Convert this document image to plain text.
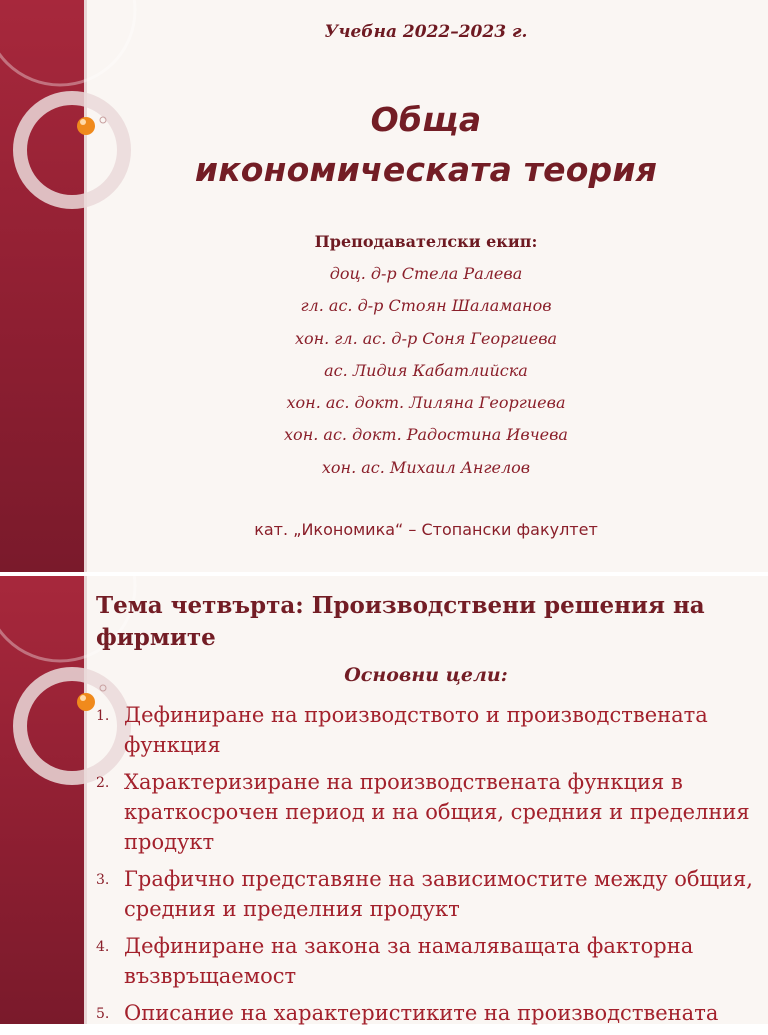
Учебна 2022–2023 г.
Обща
икономическата теория
Преподавателски екип:
доц. д-р Стела Ралева
гл. ас. д-р Стоян Шаламанов
хон. гл. ас. д-р Соня Георгиева
ас. Лидия Кабатлийска
хон. ас. докт. Лиляна Георгиева
хон. ас. докт. Радостина Ивчева
хон. ас. Михаил Ангелов
кат. „Икономика“ – Стопански факултет
Тема четвърта: Производствени решения на фирмите
Основни цели:
1. Дефиниране на производството и производствената функция
2. Характеризиране на производствената функция в краткосрочен период и на общия, средния и пределния продукт
3. Графично представяне на зависимостите между общия, средния и пределния продукт
4. Дефиниране на закона за намаляващата факторна възвръщаемост
5. Описание на характеристиките на производствената
